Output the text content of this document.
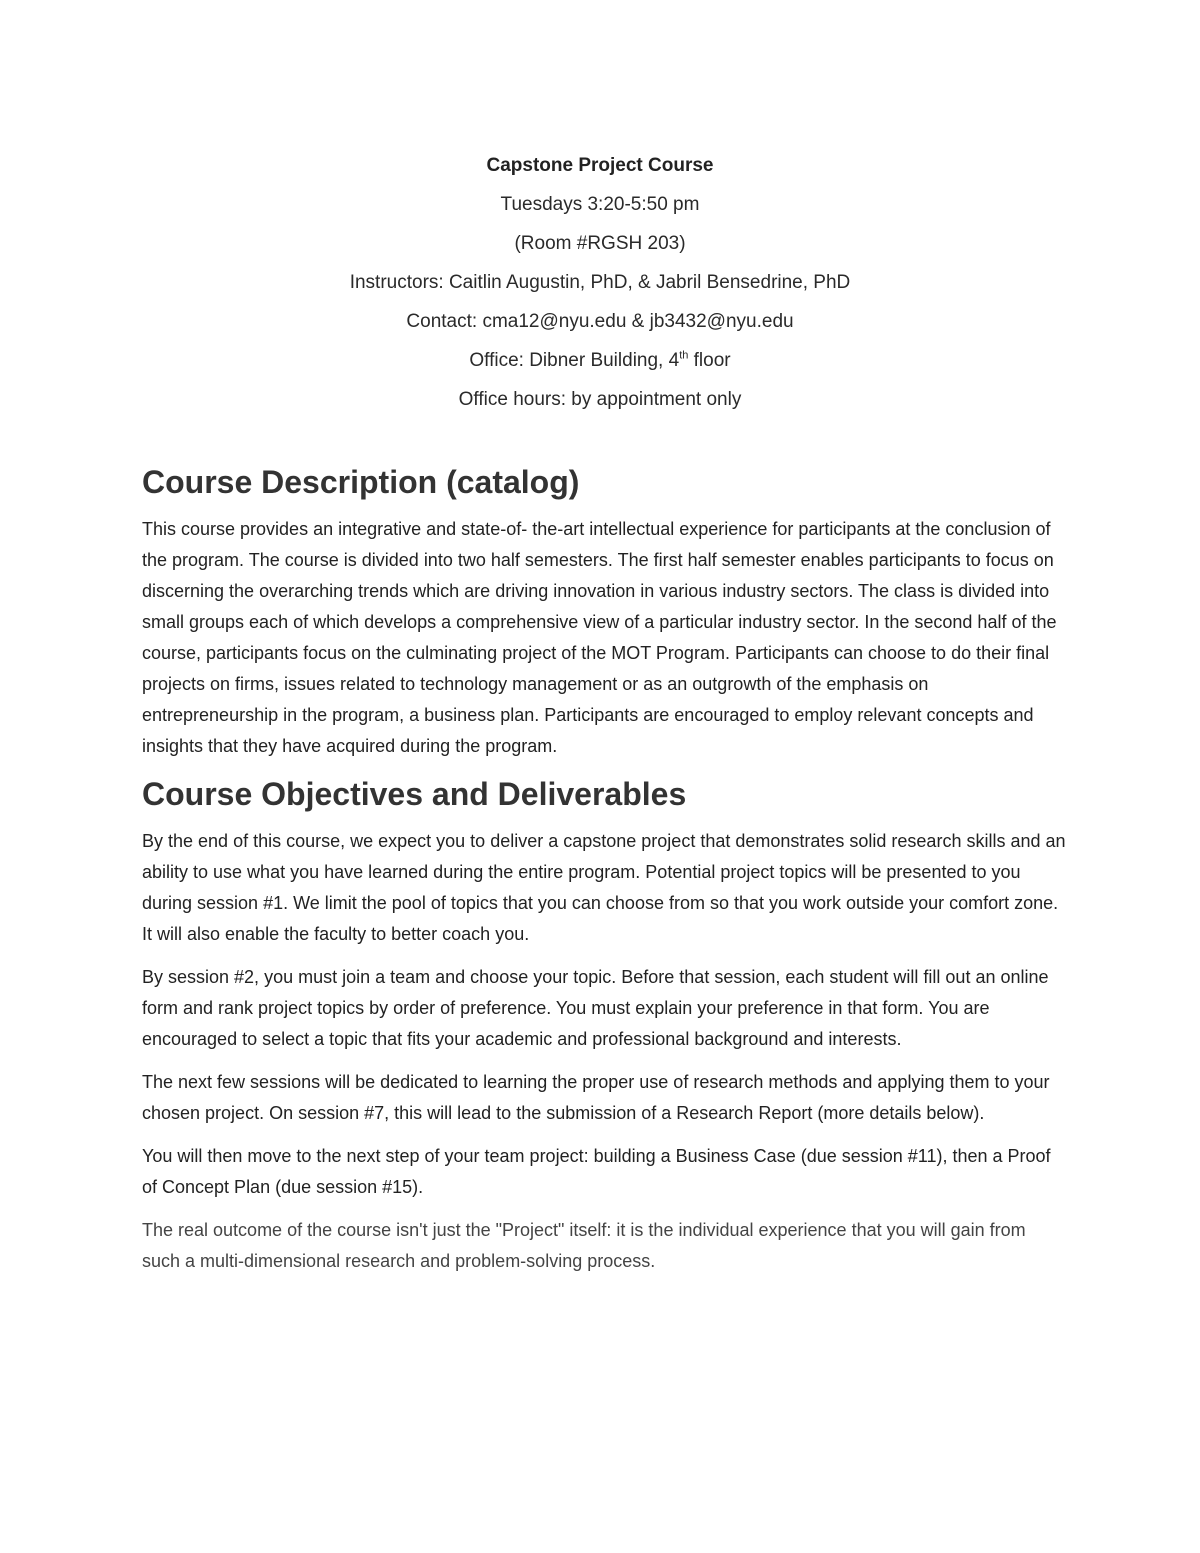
Capstone Project Course

Tuesdays 3:20-5:50 pm

(Room #RGSH 203)

Instructors: Caitlin Augustin, PhD, & Jabril Bensedrine, PhD

Contact: cma12@nyu.edu & jb3432@nyu.edu

Office: Dibner Building, 4th floor

Office hours: by appointment only

Course Description (catalog)

This course provides an integrative and state-of- the-art intellectual experience for participants at the conclusion of the program. The course is divided into two half semesters. The first half semester enables participants to focus on discerning the overarching trends which are driving innovation in various industry sectors. The class is divided into small groups each of which develops a comprehensive view of a particular industry sector. In the second half of the course, participants focus on the culminating project of the MOT Program. Participants can choose to do their final projects on firms, issues related to technology management or as an outgrowth of the emphasis on entrepreneurship in the program, a business plan. Participants are encouraged to employ relevant concepts and insights that they have acquired during the program.

Course Objectives and Deliverables

By the end of this course, we expect you to deliver a capstone project that demonstrates solid research skills and an ability to use what you have learned during the entire program. Potential project topics will be presented to you during session #1. We limit the pool of topics that you can choose from so that you work outside your comfort zone. It will also enable the faculty to better coach you.

By session #2, you must join a team and choose your topic. Before that session, each student will fill out an online form and rank project topics by order of preference. You must explain your preference in that form. You are encouraged to select a topic that fits your academic and professional background and interests.

The next few sessions will be dedicated to learning the proper use of research methods and applying them to your chosen project. On session #7, this will lead to the submission of a Research Report (more details below).

You will then move to the next step of your team project: building a Business Case (due session #11), then a Proof of Concept Plan (due session #15).

The real outcome of the course isn't just the "Project" itself: it is the individual experience that you will gain from such a multi-dimensional research and problem-solving process.
